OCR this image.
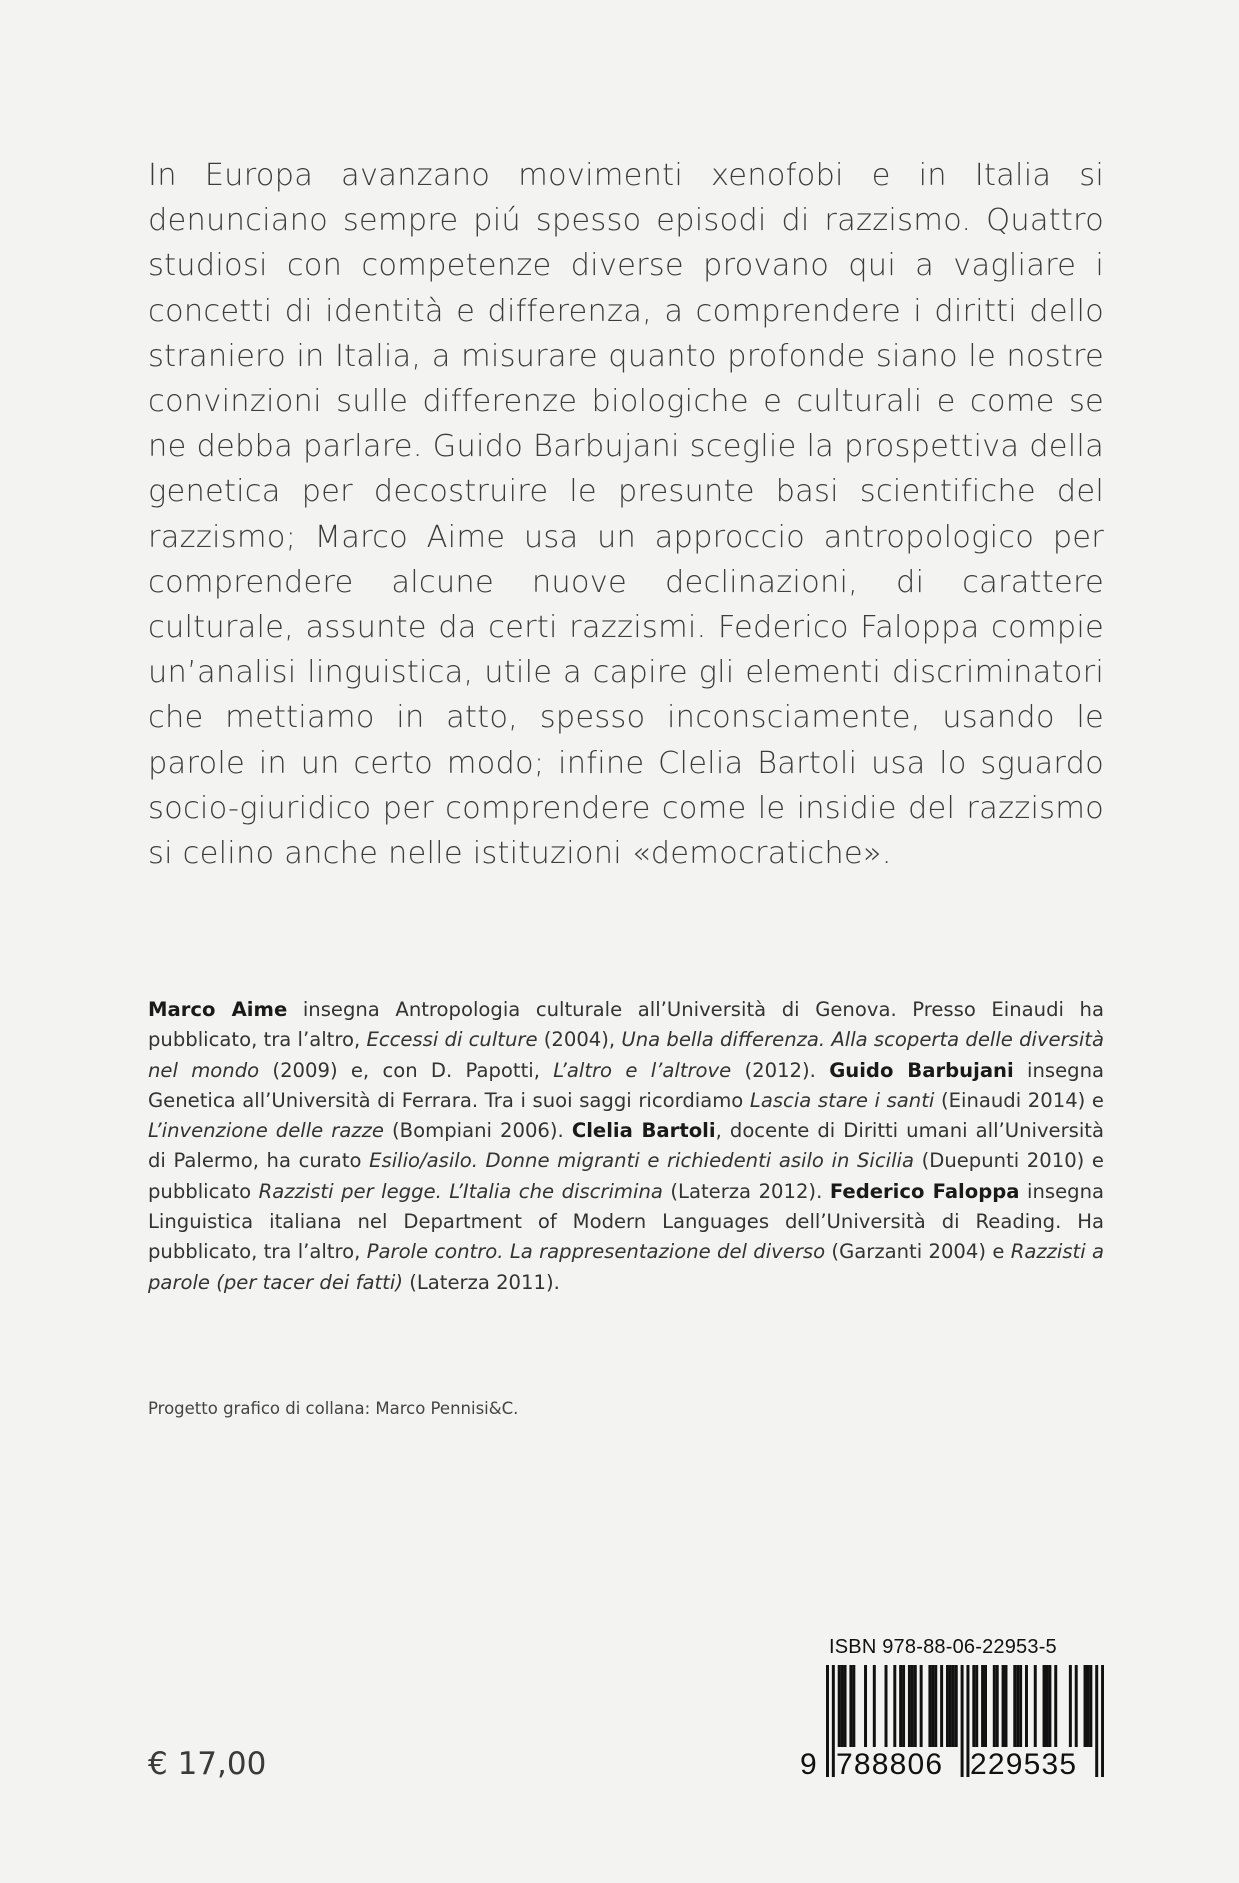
In Europa avanzano movimenti xenofobi e in Italia si denunciano sempre piú spesso episodi di razzismo. Quattro studiosi con competenze diverse provano qui a vagliare i concetti di identità e differenza, a comprendere i diritti dello straniero in Italia, a misurare quanto profonde siano le nostre convinzioni sulle differenze biologiche e culturali e come se ne debba parlare. Guido Barbujani sceglie la prospettiva della genetica per decostruire le presunte basi scientifiche del razzismo; Marco Aime usa un approccio antropologico per comprendere alcune nuove declinazioni, di carattere culturale, assunte da certi razzismi. Federico Faloppa compie un’analisi linguistica, utile a capire gli elementi discriminatori che mettiamo in atto, spesso inconsciamente, usando le parole in un certo modo; infine Clelia Bartoli usa lo sguardo socio-giuridico per comprendere come le insidie del razzismo si celino anche nelle istituzioni «democratiche».

Marco Aime insegna Antropologia culturale all’Università di Genova. Presso Einaudi ha pubblicato, tra l’altro, Eccessi di culture (2004), Una bella differenza. Alla scoperta delle diversità nel mondo (2009) e, con D. Papotti, L’altro e l’altrove (2012). Guido Barbujani insegna Genetica all’Università di Ferrara. Tra i suoi saggi ricordiamo Lascia stare i santi (Einaudi 2014) e L’invenzione delle razze (Bompiani 2006). Clelia Bartoli, docente di Diritti umani all’Università di Palermo, ha curato Esilio/asilo. Donne migranti e richiedenti asilo in Sicilia (Duepunti 2010) e pubblicato Razzisti per legge. L’Italia che discrimina (Laterza 2012). Federico Faloppa insegna Linguistica italiana nel Department of Modern Languages dell’Università di Reading. Ha pubblicato, tra l’altro, Parole contro. La rappresentazione del diverso (Garzanti 2004) e Razzisti a parole (per tacer dei fatti) (Laterza 2011).

Progetto grafico di collana: Marco Pennisi&C.

€ 17,00

ISBN 978-88-06-22953-5

9 788806 229535
